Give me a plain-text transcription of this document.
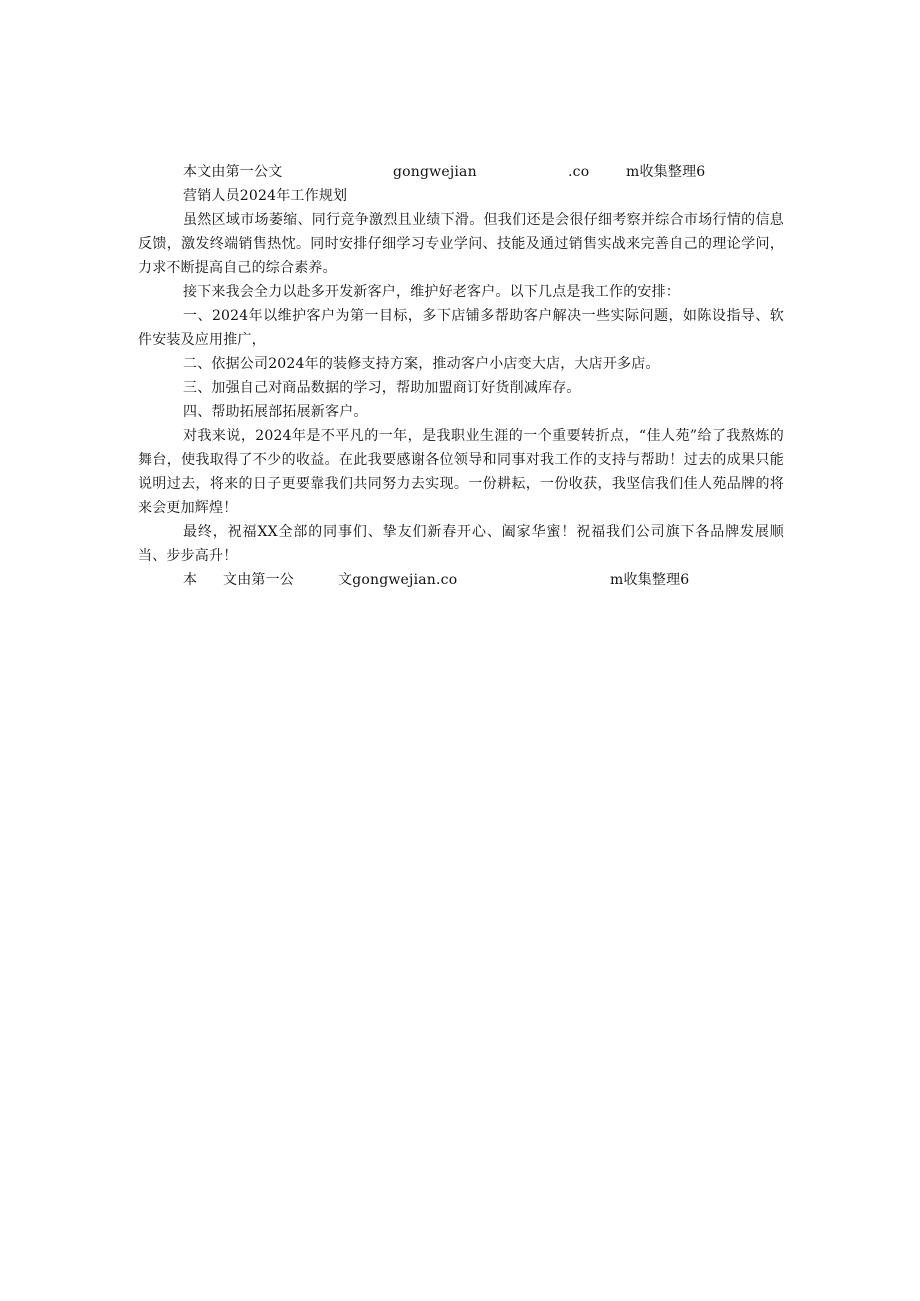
本文由第一公文	gongwejian	.co	m收集整理6
营销人员2024年工作规划

虽然区域市场萎缩、同行竞争激烈且业绩下滑。但我们还是会很仔细考察并综合市场行情的信息反馈，激发终端销售热忱。同时安排仔细学习专业学问、技能及通过销售实战来完善自己的理论学问，力求不断提高自己的综合素养。

接下来我会全力以赴多开发新客户，维护好老客户。以下几点是我工作的安排：

一、2024年以维护客户为第一目标，多下店铺多帮助客户解决一些实际问题，如陈设指导、软件安装及应用推广，

二、依据公司2024年的装修支持方案，推动客户小店变大店，大店开多店。

三、加强自己对商品数据的学习，帮助加盟商订好货削减库存。

四、帮助拓展部拓展新客户。

对我来说，2024年是不平凡的一年，是我职业生涯的一个重要转折点，“佳人苑”给了我熬炼的舞台，使我取得了不少的收益。在此我要感谢各位领导和同事对我工作的支持与帮助！过去的成果只能说明过去，将来的日子更要靠我们共同努力去实现。一份耕耘，一份收获，我坚信我们佳人苑品牌的将来会更加辉煌！

最终，祝福XX全部的同事们、挚友们新春开心、阖家华蜜！祝福我们公司旗下各品牌发展顺当、步步高升！

本 文由第一公	文gongwejian.co	m收集整理6
